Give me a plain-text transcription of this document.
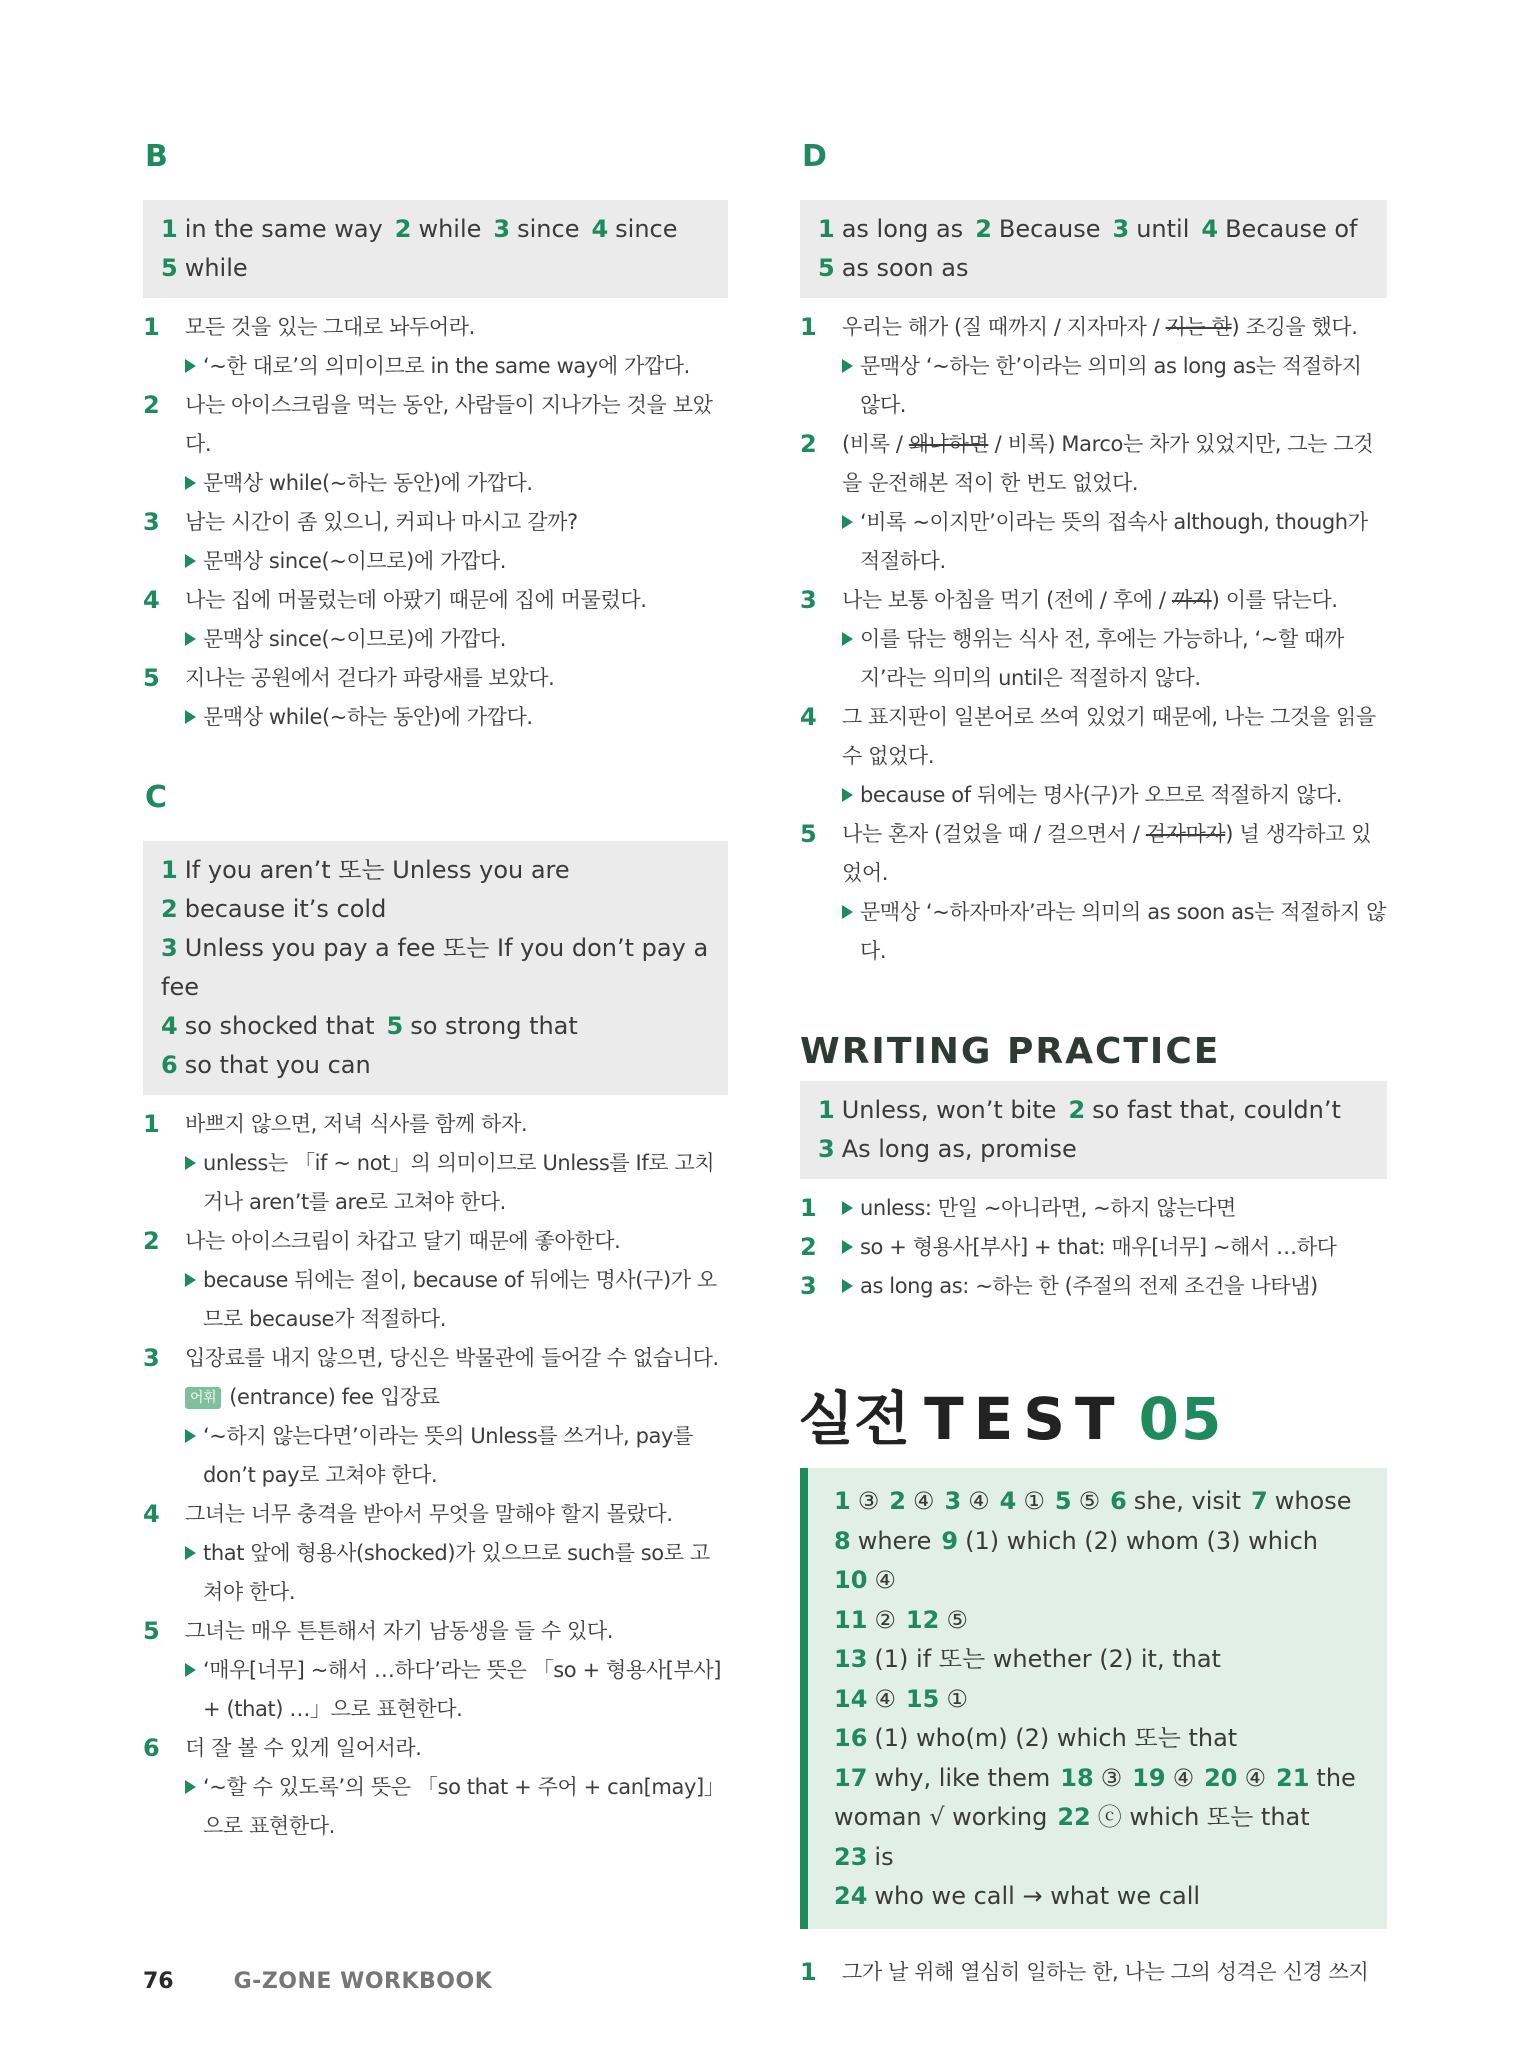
B
1 in the same way 2 while 3 since 4 since5 while
1	모든 것을 있는 그대로 놔두어라.
‘~한 대로’의 의미이므로 in the same way에 가깝다.
2	나는 아이스크림을 먹는 동안, 사람들이 지나가는 것을 보았다.
문맥상 while(~하는 동안)에 가깝다.
3	남는 시간이 좀 있으니, 커피나 마시고 갈까?
문맥상 since(~이므로)에 가깝다.
4	나는 집에 머물렀는데 아팠기 때문에 집에 머물렀다.
문맥상 since(~이므로)에 가깝다.
5	지나는 공원에서 걷다가 파랑새를 보았다.
문맥상 while(~하는 동안)에 가깝다.
C
1 If you aren’t 또는 Unless you are
2 because it’s cold
3 Unless you pay a fee 또는 If you don’t pay a fee
4 so shocked that 5 so strong that
6 so that you can
1	바쁘지 않으면, 저녁 식사를 함께 하자.
unless는 「if ~ not」의 의미이므로 Unless를 If로 고치거나 aren’t를 are로 고쳐야 한다.
2	나는 아이스크림이 차갑고 달기 때문에 좋아한다.
because 뒤에는 절이, because of 뒤에는 명사(구)가 오므로 because가 적절하다.
3	입장료를 내지 않으면, 당신은 박물관에 들어갈 수 없습니다.
어휘 (entrance) fee 입장료
‘~하지 않는다면’이라는 뜻의 Unless를 쓰거나, pay를 don’t pay로 고쳐야 한다.
4	그녀는 너무 충격을 받아서 무엇을 말해야 할지 몰랐다.
that 앞에 형용사(shocked)가 있으므로 such를 so로 고쳐야 한다.
5	그녀는 매우 튼튼해서 자기 남동생을 들 수 있다.
‘매우[너무] ~해서 …하다’라는 뜻은 「so + 형용사[부사] + (that) …」으로 표현한다.
6	더 잘 볼 수 있게 일어서라.
‘~할 수 있도록’의 뜻은 「so that + 주어 + can[may]」으로 표현한다.
D
1 as long as 2 Because 3 until 4 Because of
5 as soon as
1	우리는 해가 (질 때까지 / 지자마자 / 지는 한) 조깅을 했다.
문맥상 ‘~하는 한’이라는 의미의 as long as는 적절하지 않다.
2	(비록 / 왜냐하면 / 비록) Marco는 차가 있었지만, 그는 그것을 운전해본 적이 한 번도 없었다.
‘비록 ~이지만’이라는 뜻의 접속사 although, though가 적절하다.
3	나는 보통 아침을 먹기 (전에 / 후에 / 까지) 이를 닦는다.
이를 닦는 행위는 식사 전, 후에는 가능하나, ‘~할 때까지’라는 의미의 until은 적절하지 않다.
4	그 표지판이 일본어로 쓰여 있었기 때문에, 나는 그것을 읽을 수 없었다.
because of 뒤에는 명사(구)가 오므로 적절하지 않다.
5	나는 혼자 (걸었을 때 / 걸으면서 / 걷자마자) 널 생각하고 있었어.
문맥상 ‘~하자마자’라는 의미의 as soon as는 적절하지 않다.
WRITING PRACTICE
1 Unless, won’t bite 2 so fast that, couldn’t
3 As long as, promise
1	unless: 만일 ~아니라면, ~하지 않는다면
2	so + 형용사[부사] + that: 매우[너무] ~해서 …하다
3	as long as: ~하는 한 (주절의 전제 조건을 나타냄)
실전 TEST 05
1 ③ 2 ④ 3 ④ 4 ① 5 ⑤ 6 she, visit 7 whose
8 where 9 (1) which (2) whom (3) which10 ④
11 ② 12 ⑤13 (1) if 또는 whether (2) it, that
14 ④ 15 ①16 (1) who(m) (2) which 또는 that
17 why, like them 18 ③ 19 ④ 20 ④ 21 the woman √ working 22 ⓒ which 또는 that23 is
24 who we call → what we call
1	그가 날 위해 열심히 일하는 한, 나는 그의 성격은 신경 쓰지
76	G-ZONE WORKBOOK
